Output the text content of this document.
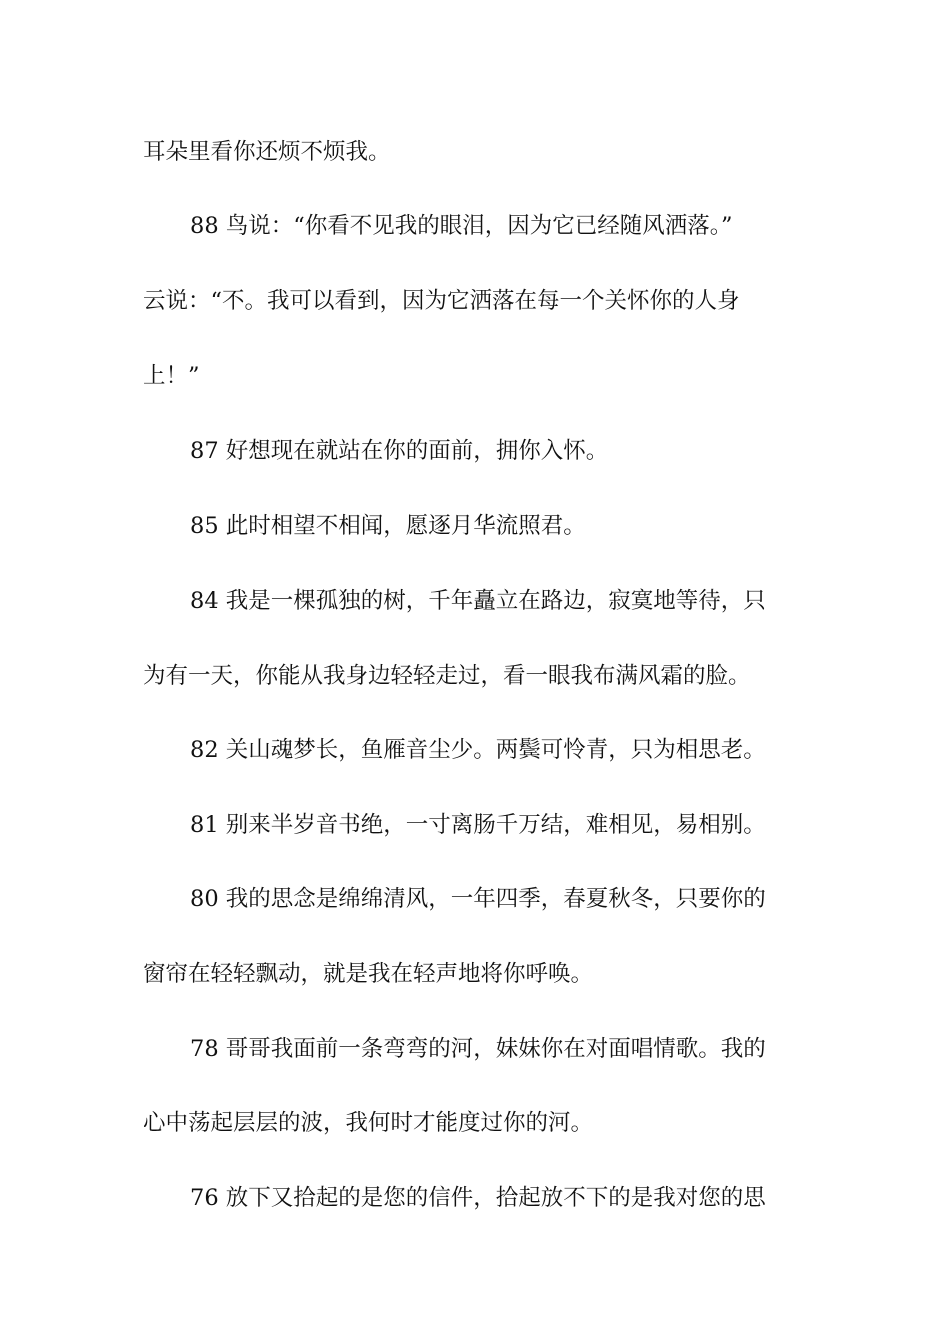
耳朵里看你还烦不烦我。
88 鸟说：“你看不见我的眼泪，因为它已经随风洒落。”
云说：“不。我可以看到，因为它洒落在每一个关怀你的人身
上！”
87 好想现在就站在你的面前，拥你入怀。
85 此时相望不相闻，愿逐月华流照君。
84 我是一棵孤独的树，千年矗立在路边，寂寞地等待，只
为有一天，你能从我身边轻轻走过，看一眼我布满风霜的脸。
82 关山魂梦长，鱼雁音尘少。两鬓可怜青，只为相思老。
81 别来半岁音书绝，一寸离肠千万结，难相见，易相别。
80 我的思念是绵绵清风，一年四季，春夏秋冬，只要你的
窗帘在轻轻飘动，就是我在轻声地将你呼唤。
78 哥哥我面前一条弯弯的河，妹妹你在对面唱情歌。我的
心中荡起层层的波，我何时才能度过你的河。
76 放下又拾起的是您的信件，拾起放不下的是我对您的思
